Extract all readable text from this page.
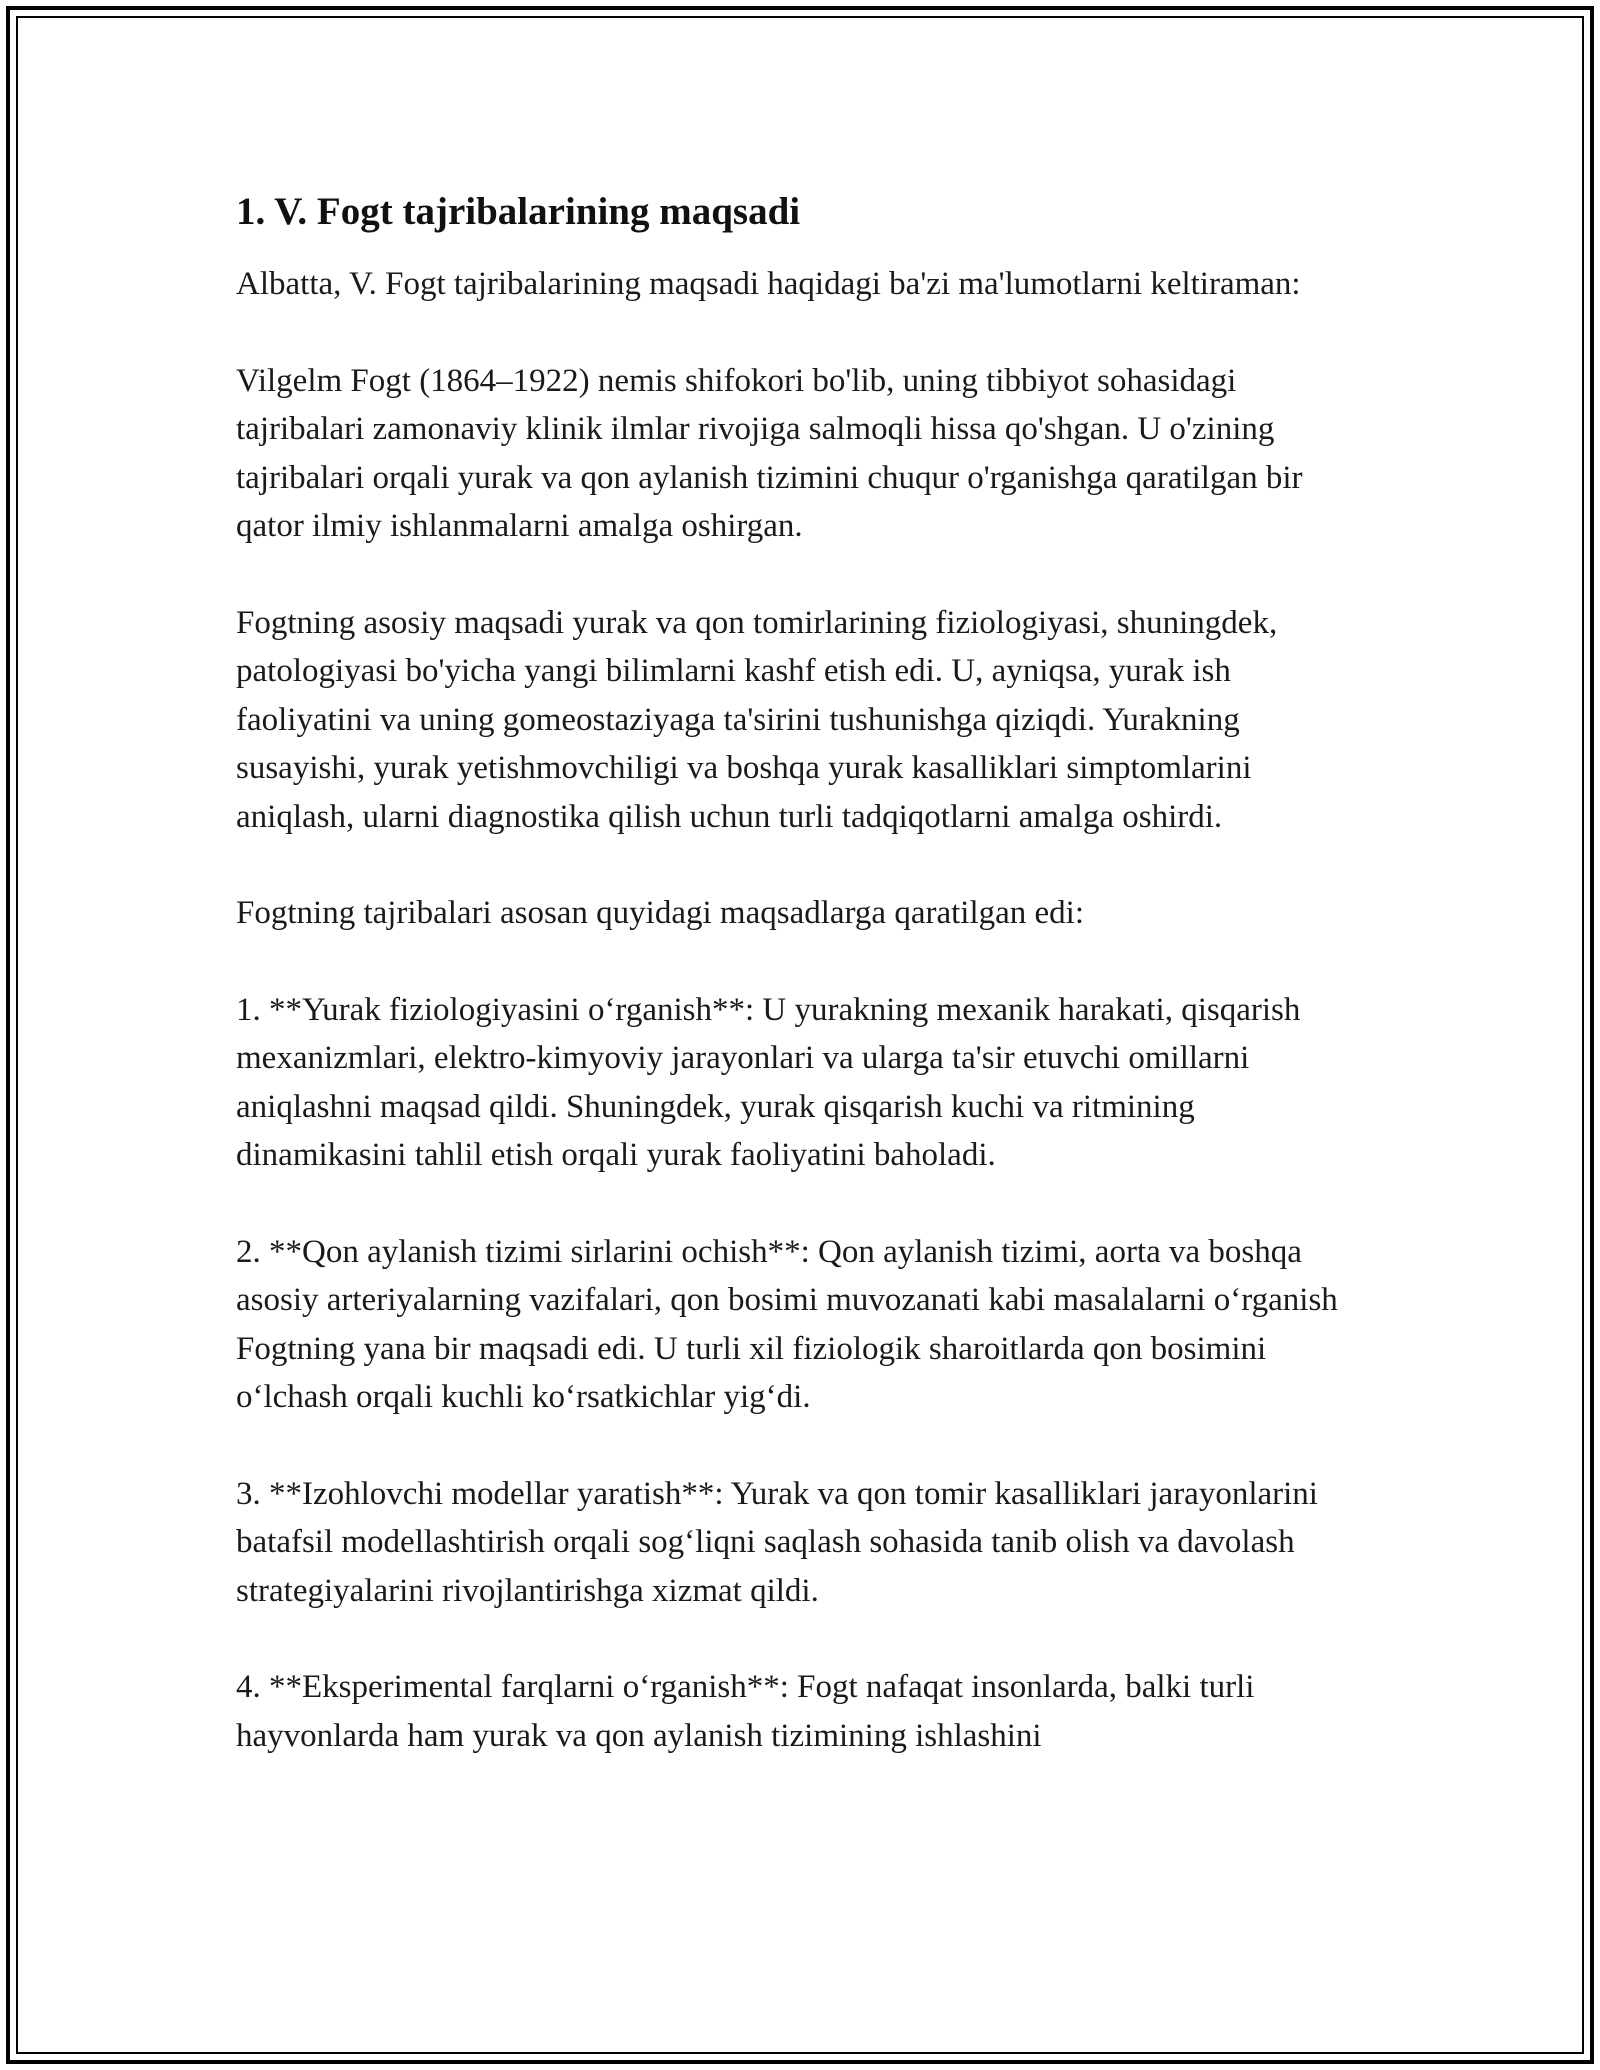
1. V. Fogt tajribalarining maqsadi

Albatta, V. Fogt tajribalarining maqsadi haqidagi ba'zi ma'lumotlarni keltiraman:

Vilgelm Fogt (1864–1922) nemis shifokori bo'lib, uning tibbiyot sohasidagi tajribalari zamonaviy klinik ilmlar rivojiga salmoqli hissa qo'shgan. U o'zining tajribalari orqali yurak va qon aylanish tizimini chuqur o'rganishga qaratilgan bir qator ilmiy ishlanmalarni amalga oshirgan.

Fogtning asosiy maqsadi yurak va qon tomirlarining fiziologiyasi, shuningdek, patologiyasi bo'yicha yangi bilimlarni kashf etish edi. U, ayniqsa, yurak ish faoliyatini va uning gomeostaziyaga ta'sirini tushunishga qiziqdi. Yurakning susayishi, yurak yetishmovchiligi va boshqa yurak kasalliklari simptomlarini aniqlash, ularni diagnostika qilish uchun turli tadqiqotlarni amalga oshirdi.

Fogtning tajribalari asosan quyidagi maqsadlarga qaratilgan edi:

1. **Yurak fiziologiyasini o‘rganish**: U yurakning mexanik harakati, qisqarish mexanizmlari, elektro-kimyoviy jarayonlari va ularga ta'sir etuvchi omillarni aniqlashni maqsad qildi. Shuningdek, yurak qisqarish kuchi va ritmining dinamikasini tahlil etish orqali yurak faoliyatini baholadi.

2. **Qon aylanish tizimi sirlarini ochish**: Qon aylanish tizimi, aorta va boshqa asosiy arteriyalarning vazifalari, qon bosimi muvozanati kabi masalalarni o‘rganish Fogtning yana bir maqsadi edi. U turli xil fiziologik sharoitlarda qon bosimini o‘lchash orqali kuchli ko‘rsatkichlar yig‘di.

3. **Izohlovchi modellar yaratish**: Yurak va qon tomir kasalliklari jarayonlarini batafsil modellashtirish orqali sog‘liqni saqlash sohasida tanib olish va davolash strategiyalarini rivojlantirishga xizmat qildi.

4. **Eksperimental farqlarni o‘rganish**: Fogt nafaqat insonlarda, balki turli hayvonlarda ham yurak va qon aylanish tizimining ishlashini
